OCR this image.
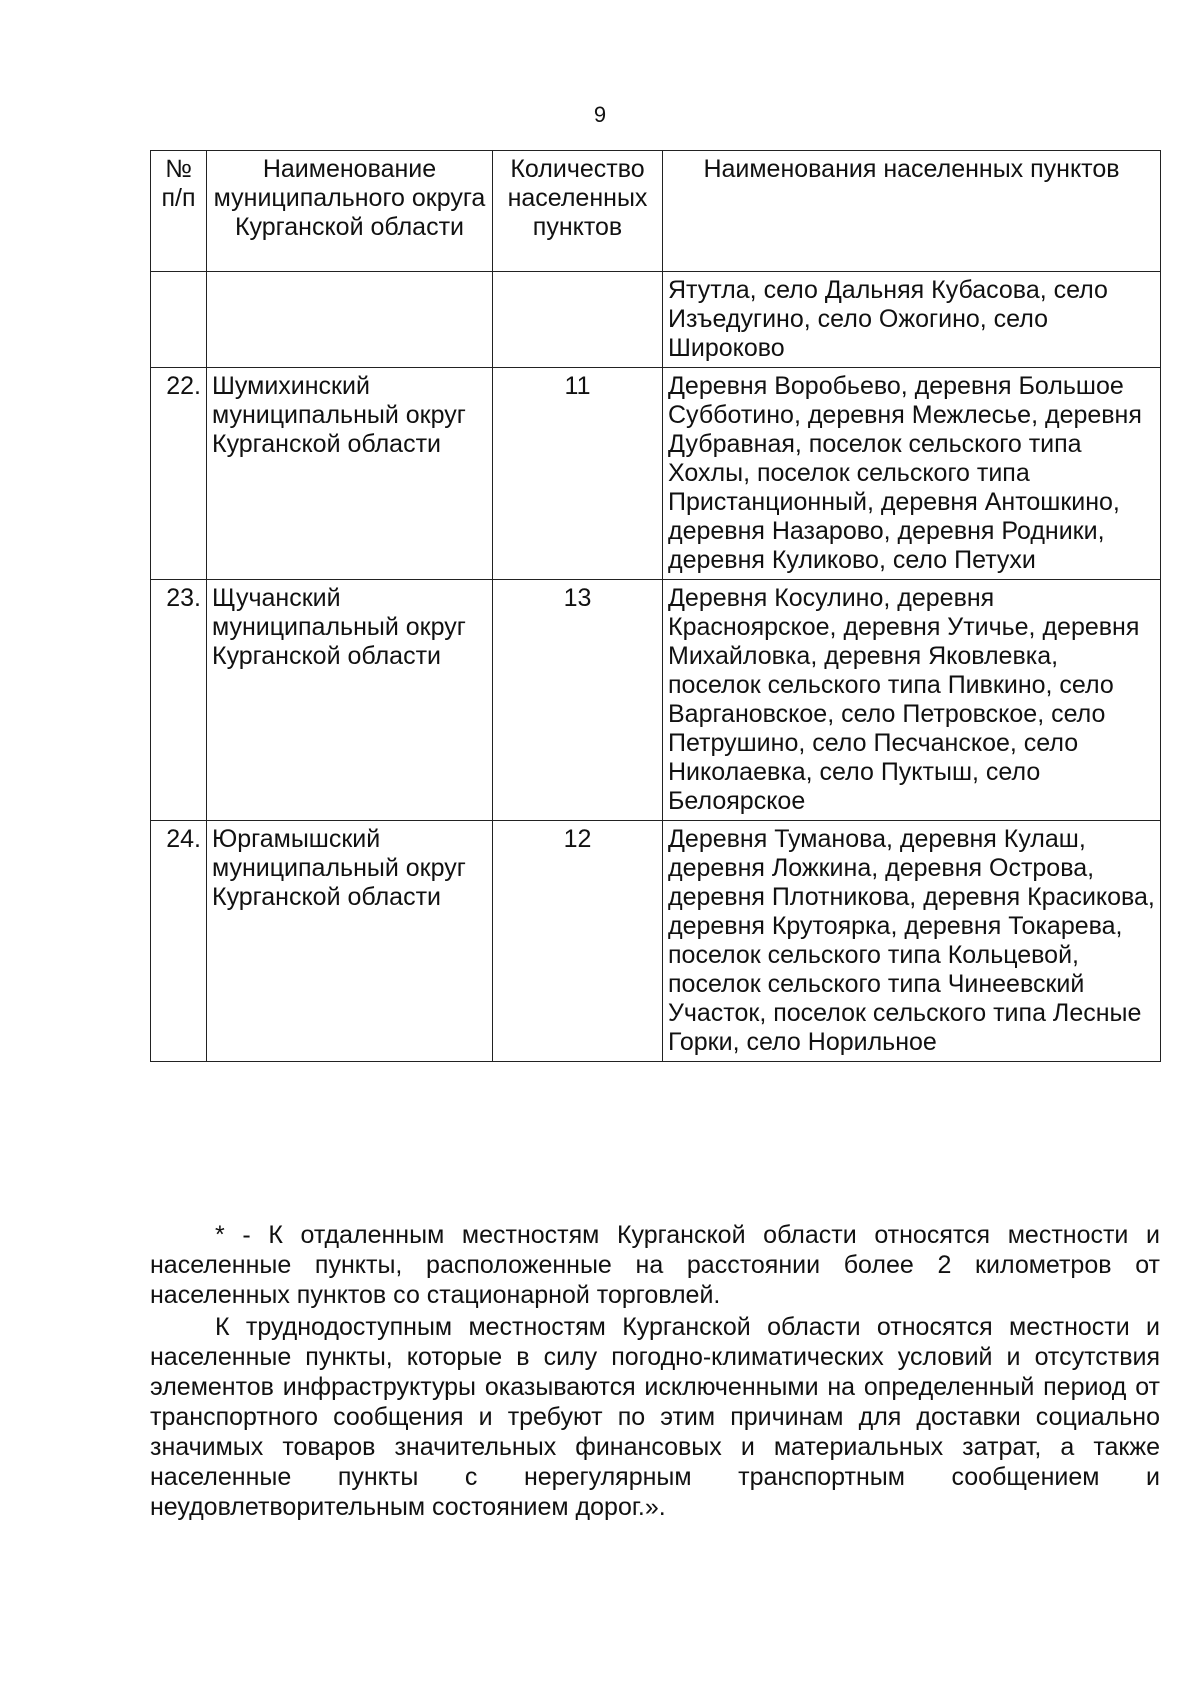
9
№ п/п	Наименование муниципального округа Курганской области	Количество населенных пунктов	Наименования населенных пунктов
			Ятутла, село Дальняя Кубасова, село Изъедугино, село Ожогино, село Широково
22.	Шумихинский муниципальный округ Курганской области	11	Деревня Воробьево, деревня Большое Субботино, деревня Межлесье, деревня Дубравная, поселок сельского типа Хохлы, поселок сельского типа Пристанционный, деревня Антошкино, деревня Назарово, деревня Родники, деревня Куликово, село Петухи
23.	Щучанский муниципальный округ Курганской области	13	Деревня Косулино, деревня Красноярское, деревня Утичье, деревня Михайловка, деревня Яковлевка, поселок сельского типа Пивкино, село Варгановское, село Петровское, село Петрушино, село Песчанское, село Николаевка, село Пуктыш, село Белоярское
24.	Юргамышский муниципальный округ Курганской области	12	Деревня Туманова, деревня Кулаш, деревня Ложкина, деревня Острова, деревня Плотникова, деревня Красикова, деревня Крутоярка, деревня Токарева, поселок сельского типа Кольцевой, поселок сельского типа Чинеевский Участок, поселок сельского типа Лесные Горки, село Норильное

* - К отдаленным местностям Курганской области относятся местности и населенные пункты, расположенные на расстоянии более 2 километров от населенных пунктов со стационарной торговлей.

К труднодоступным местностям Курганской области относятся местности и населенные пункты, которые в силу погодно-климатических условий и отсутствия элементов инфраструктуры оказываются исключенными на определенный период от транспортного сообщения и требуют по этим причинам для доставки социально значимых товаров значительных финансовых и материальных затрат, а также населенные пункты с нерегулярным транспортным сообщением и неудовлетворительным состоянием дорог.».
